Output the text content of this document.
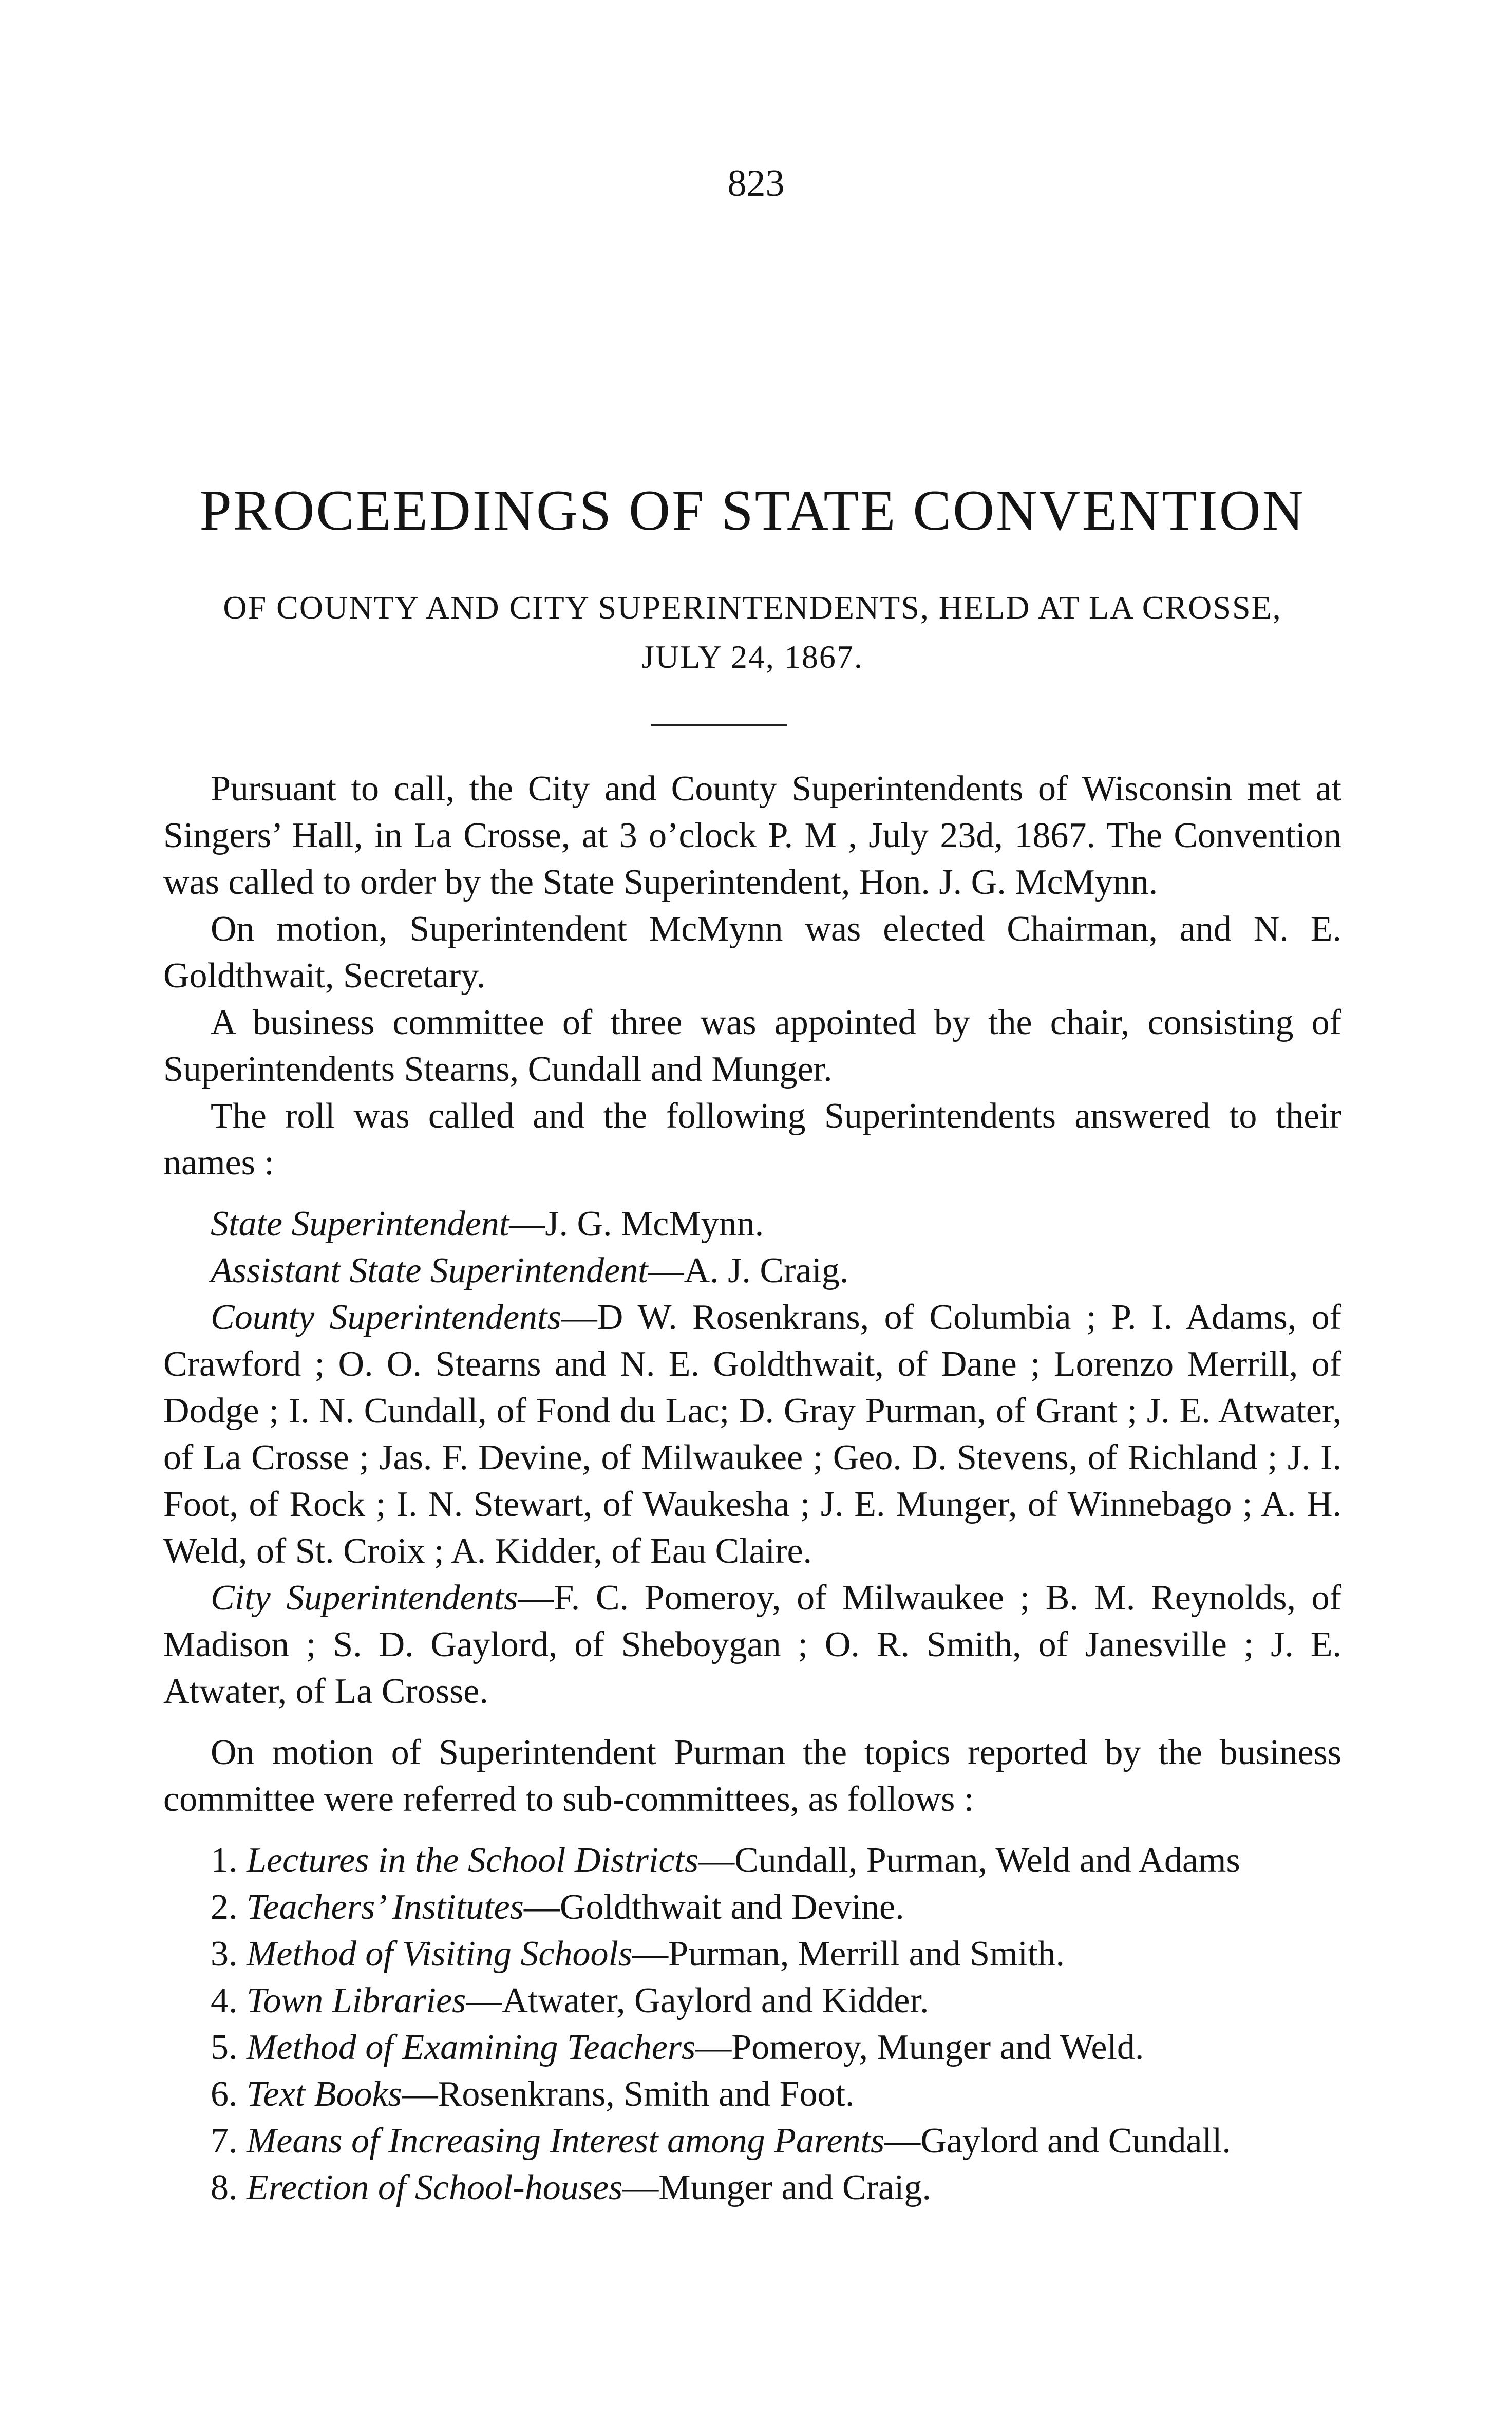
823
PROCEEDINGS OF STATE CONVENTION
OF COUNTY AND CITY SUPERINTENDENTS, HELD AT LA CROSSE, JULY 24, 1867.

Pursuant to call, the City and County Superintendents of Wisconsin met at Singers’ Hall, in La Crosse, at 3 o’clock P. M , July 23d, 1867. The Convention was called to order by the State Superintendent, Hon. J. G. McMynn.

On motion, Superintendent McMynn was elected Chairman, and N. E. Goldthwait, Secretary.

A business committee of three was appointed by the chair, consisting of Superintendents Stearns, Cundall and Munger.

The roll was called and the following Superintendents answered to their names :

State Superintendent—J. G. McMynn.

Assistant State Superintendent—A. J. Craig.

County Superintendents—D W. Rosenkrans, of Columbia ; P. I. Adams, of Crawford ; O. O. Stearns and N. E. Goldthwait, of Dane ; Lorenzo Merrill, of Dodge ; I. N. Cundall, of Fond du Lac; D. Gray Purman, of Grant ; J. E. Atwater, of La Crosse ; Jas. F. Devine, of Milwaukee ; Geo. D. Stevens, of Richland ; J. I. Foot, of Rock ; I. N. Stewart, of Waukesha ; J. E. Munger, of Winnebago ; A. H. Weld, of St. Croix ; A. Kidder, of Eau Claire.

City Superintendents—F. C. Pomeroy, of Milwaukee ; B. M. Reynolds, of Madison ; S. D. Gaylord, of Sheboygan ; O. R. Smith, of Janesville ; J. E. Atwater, of La Crosse.

On motion of Superintendent Purman the topics reported by the business committee were referred to sub-committees, as follows :

1. Lectures in the School Districts—Cundall, Purman, Weld and Adams

2. Teachers’ Institutes—Goldthwait and Devine.

3. Method of Visiting Schools—Purman, Merrill and Smith.

4. Town Libraries—Atwater, Gaylord and Kidder.

5. Method of Examining Teachers—Pomeroy, Munger and Weld.

6. Text Books—Rosenkrans, Smith and Foot.

7. Means of Increasing Interest among Parents—Gaylord and Cundall.

8. Erection of School-houses—Munger and Craig.
